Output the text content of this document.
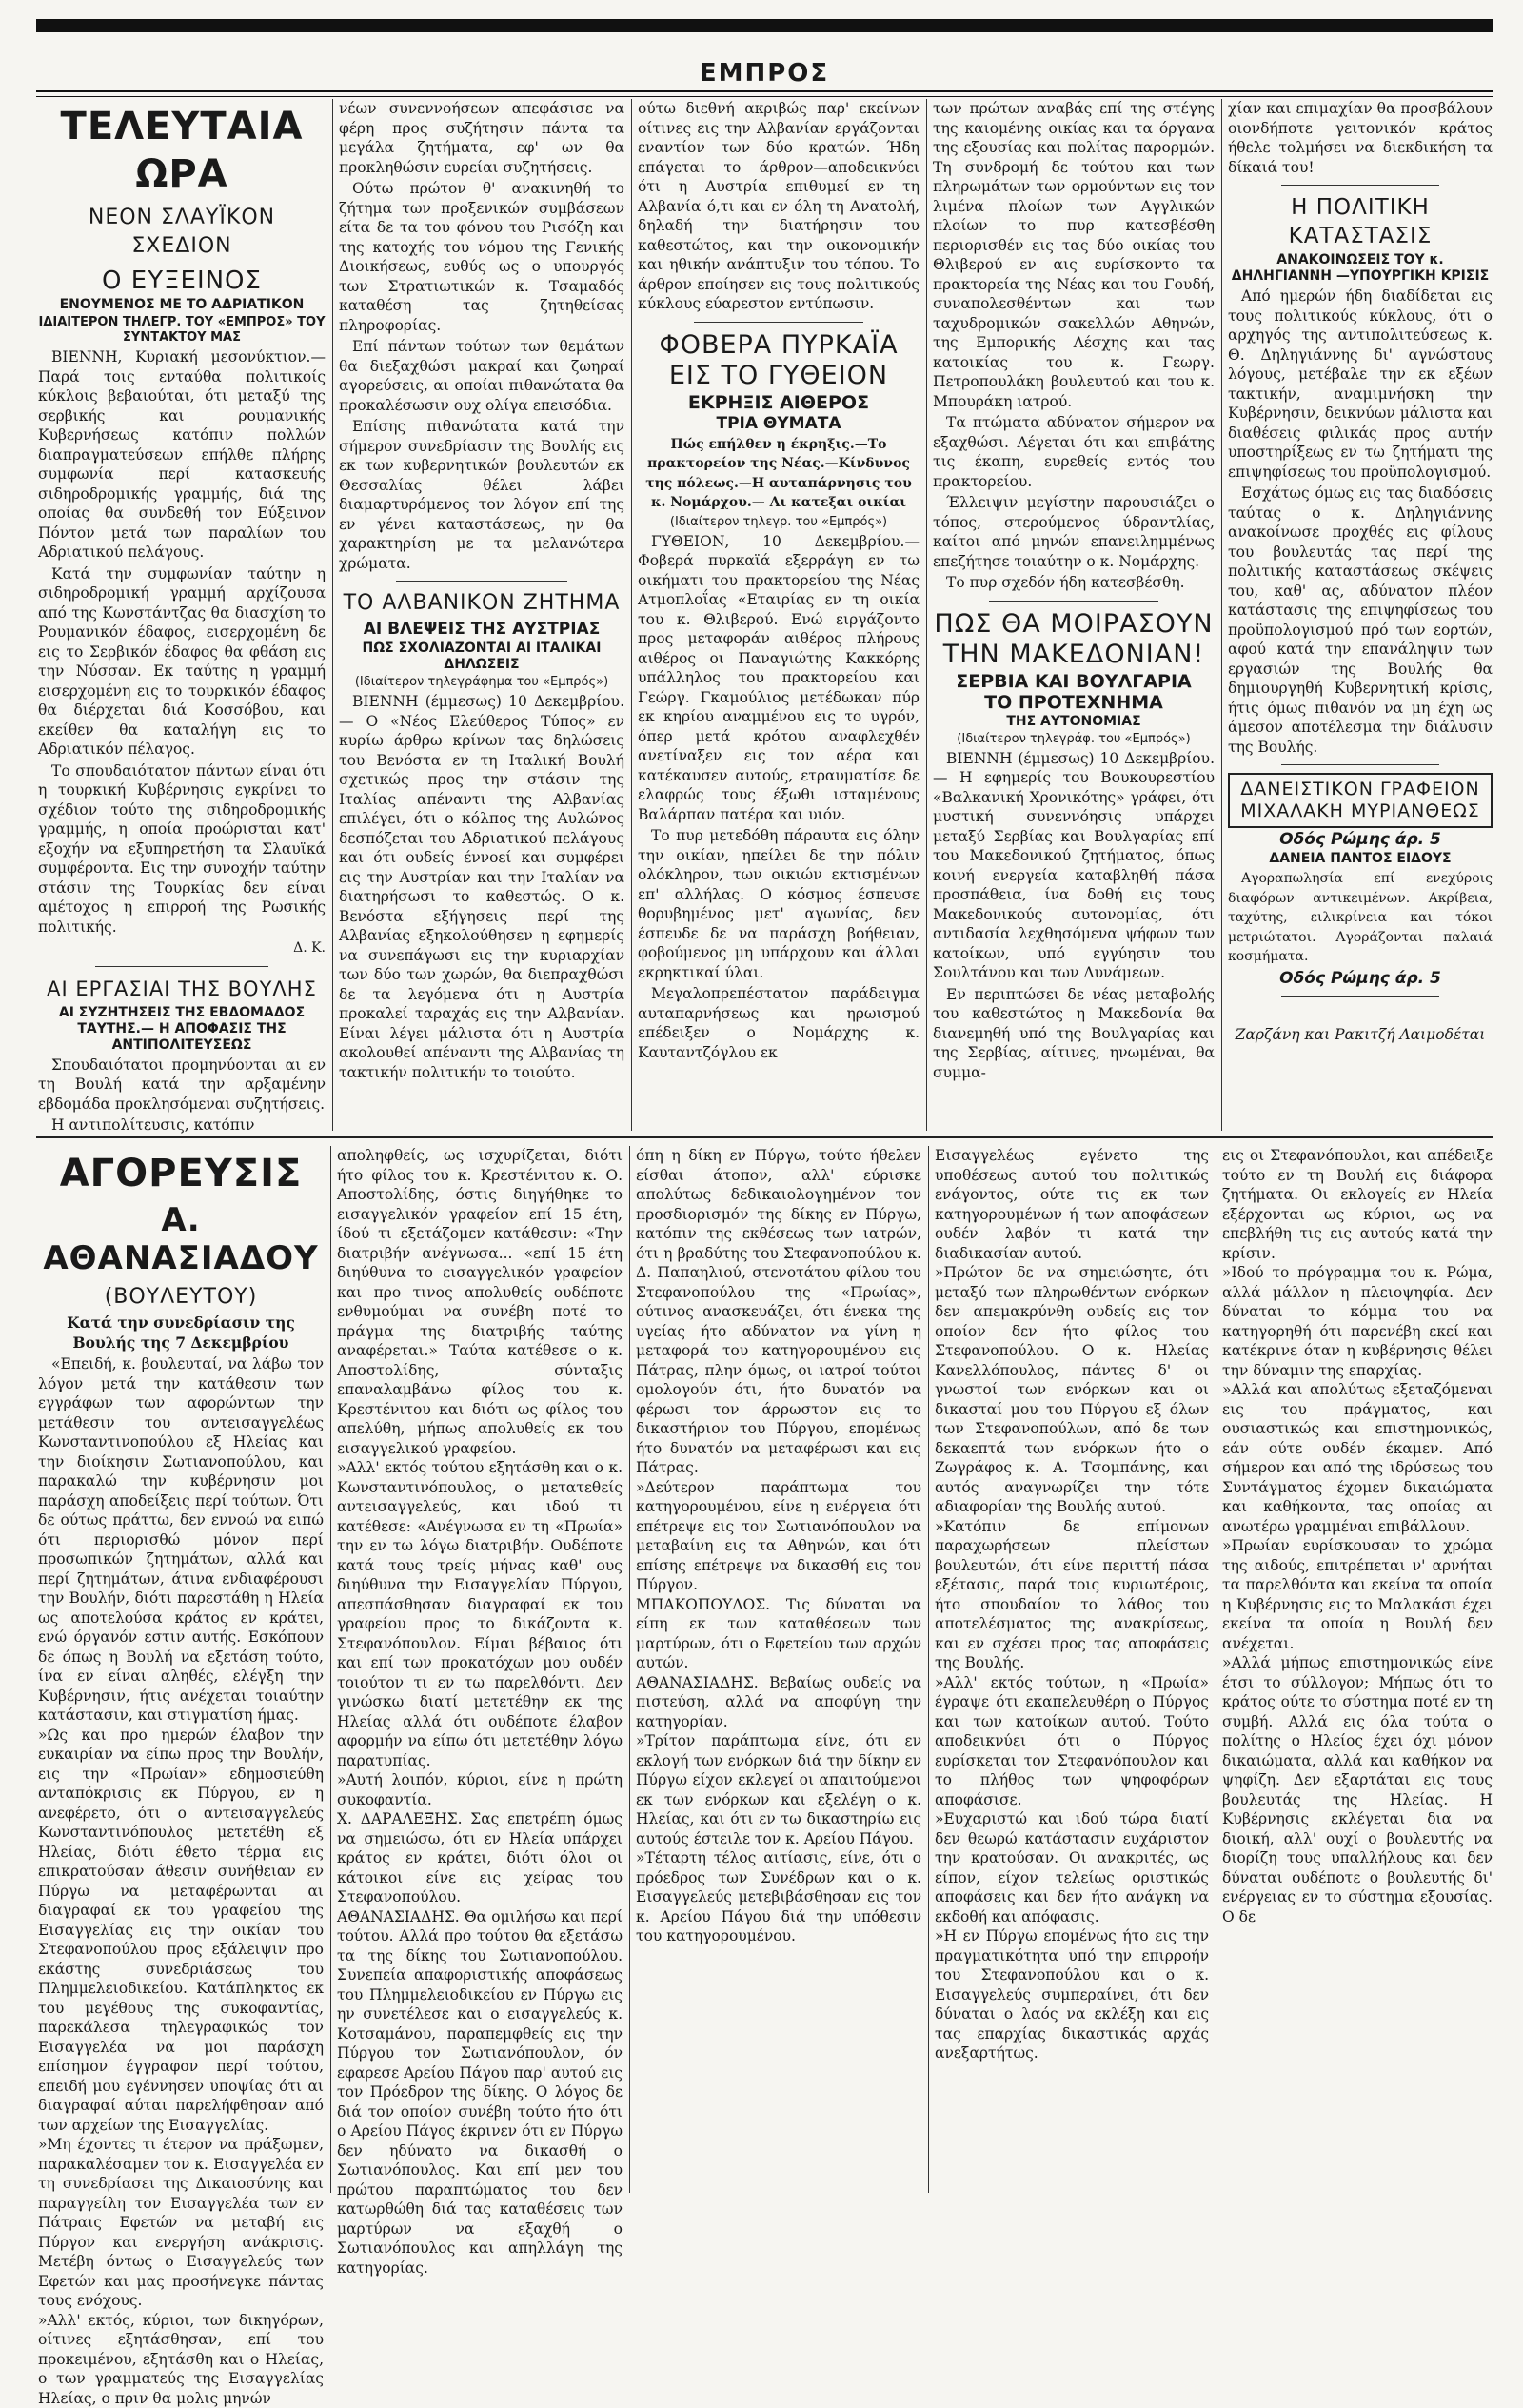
ΕΜΠΡΟΣ
ΤΕΛΕΥΤΑΙΑ ΩΡΑ
ΝΕΟΝ ΣΛΑΥΪΚΟΝ ΣΧΕΔΙΟΝ
Ο ΕΥΞΕΙΝΟΣ
ΕΝΟΥΜΕΝΟΣ ΜΕ ΤΟ ΑΔΡΙΑΤΙΚΟΝ
ΙΔΙΑΙΤΕΡΟΝ ΤΗΛΕΓΡ. ΤΟΥ «ΕΜΠΡΟΣ» ΤΟΥ ΣΥΝΤΑΚΤΟΥ ΜΑΣ

ΒΙΕΝΝΗ, Κυριακή μεσονύκτιον.—Παρά τοις ενταύθα πολιτικοίς κύκλοις βεβαιούται, ότι μεταξύ της σερβικής και ρουμανικής Κυβερνήσεως κατόπιν πολλών διαπραγματεύσεων επήλθε πλήρης συμφωνία περί κατασκευής σιδηροδρομικής γραμμής, διά της οποίας θα συνδεθή τον Εύξεινον Πόντον μετά των παραλίων του Αδριατικού πελάγους.

Κατά την συμφωνίαν ταύτην η σιδηροδρομική γραμμή αρχίζουσα από της Κωνστάντζας θα διασχίση το Ρουμανικόν έδαφος, εισερχομένη δε εις το Σερβικόν έδαφος θα φθάση εις την Νύσσαν. Εκ ταύτης η γραμμή εισερχομένη εις το τουρκικόν έδαφος θα διέρχεται διά Κοσσόβου, και εκείθεν θα καταλήγη εις το Αδριατικόν πέλαγος.

Το σπουδαιότατον πάντων είναι ότι η τουρκική Κυβέρνησις εγκρίνει το σχέδιον τούτο της σιδηροδρομικής γραμμής, η οποία προώρισται κατ' εξοχήν να εξυπηρετήση τα Σλαυϊκά συμφέροντα. Εις την συνοχήν ταύτην στάσιν της Τουρκίας δεν είναι αμέτοχος η επιρροή της Ρωσικής πολιτικής.

Δ. Κ.

ΑΙ ΕΡΓΑΣΙΑΙ ΤΗΣ ΒΟΥΛΗΣ
ΑΙ ΣΥΖΗΤΗΣΕΙΣ ΤΗΣ ΕΒΔΟΜΑΔΟΣ ΤΑΥΤΗΣ.— Η ΑΠΟΦΑΣΙΣ ΤΗΣ ΑΝΤΙΠΟΛΙΤΕΥΣΕΩΣ

Σπουδαιότατοι προμηνύονται αι εν τη Βουλή κατά την αρξαμένην εβδομάδα προκλησόμεναι συζητήσεις.

Η αντιπολίτευσις, κατόπιν

νέων συνεννοήσεων απεφάσισε να φέρη προς συζήτησιν πάντα τα μεγάλα ζητήματα, εφ' ων θα προκληθώσιν ευρείαι συζητήσεις.

Ούτω πρώτον θ' ανακινηθή το ζήτημα των προξενικών συμβάσεων είτα δε τα του φόνου του Ρισόζη και της κατοχής του νόμου της Γενικής Διοικήσεως, ευθύς ως ο υπουργός των Στρατιωτικών κ. Τσαμαδός καταθέση τας ζητηθείσας πληροφορίας.

Επί πάντων τούτων των θεμάτων θα διεξαχθώσι μακραί και ζωηραί αγορεύσεις, αι οποίαι πιθανώτατα θα προκαλέσωσιν ουχ ολίγα επεισόδια.

Επίσης πιθανώτατα κατά την σήμερον συνεδρίασιν της Βουλής εις εκ των κυβερνητικών βουλευτών εκ Θεσσαλίας θέλει λάβει διαμαρτυρόμενος τον λόγον επί της εν γένει καταστάσεως, ην θα χαρακτηρίση με τα μελανώτερα χρώματα.

ΤΟ ΑΛΒΑΝΙΚΟΝ ΖΗΤΗΜΑ
ΑΙ ΒΛΕΨΕΙΣ ΤΗΣ ΑΥΣΤΡΙΑΣ
ΠΩΣ ΣΧΟΛΙΑΖΟΝΤΑΙ ΑΙ ΙΤΑΛΙΚΑΙ ΔΗΛΩΣΕΙΣ
(Ιδιαίτερον τηλεγράφημα του «Εμπρός»)

ΒΙΕΝΝΗ (έμμεσως) 10 Δεκεμβρίου.— Ο «Νέος Ελεύθερος Τύπος» εν κυρίω άρθρω κρίνων τας δηλώσεις του Βενόστα εν τη Ιταλική Βουλή σχετικώς προς την στάσιν της Ιταλίας απέναντι της Αλβανίας επιλέγει, ότι ο κόλπος της Αυλώνος δεσπόζεται του Αδριατικού πελάγους και ότι ουδείς έννοεί και συμφέρει εις την Αυστρίαν και την Ιταλίαν να διατηρήσωσι το καθεστώς. Ο κ. Βενόστα εξήγησεις περί της Αλβανίας εξηκολούθησεν η εφημερίς να συνεπάγωσι εις την κυριαρχίαν των δύο των χωρών, θα διεπραχθώσι δε τα λεγόμενα ότι η Αυστρία προκαλεί ταραχάς εις την Αλβανίαν. Είναι λέγει μάλιστα ότι η Αυστρία ακολουθεί απέναντι της Αλβανίας τη τακτικήν πολιτικήν το τοιούτο.

ούτω διεθνή ακριβώς παρ' εκείνων οίτινες εις την Αλβανίαν εργάζονται εναντίον των δύο κρατών. Ήδη επάγεται το άρθρον—αποδεικνύει ότι η Αυστρία επιθυμεί εν τη Αλβανία ό,τι και εν όλη τη Ανατολή, δηλαδή την διατήρησιν του καθεστώτος, και την οικονομικήν και ηθικήν ανάπτυξιν του τόπου. Το άρθρον εποίησεν εις τους πολιτικούς κύκλους εύαρεστον εντύπωσιν.

ΦΟΒΕΡΑ ΠΥΡΚΑΪΑ ΕΙΣ ΤΟ ΓΥΘΕΙΟΝ
ΕΚΡΗΞΙΣ ΑΙΘΕΡΟΣ
ΤΡΙΑ ΘΥΜΑΤΑ

Πώς επήλθεν η έκρηξις.—Το πρακτορείον της Νέας.—Κίνδυνος της πόλεως.—Η αυταπάρνησις του κ. Νομάρχου.— Αι κατεξαι οικίαι

(Ιδιαίτερον τηλεγρ. του «Εμπρός»)

ΓΥΘΕΙΟΝ, 10 Δεκεμβρίου.— Φοβερά πυρκαϊά εξερράγη εν τω οικήματι του πρακτορείου της Νέας Ατμοπλοΐας «Εταιρίας εν τη οικία του κ. Θλιβερού. Ενώ ειργάζοντο προς μεταφοράν αιθέρος πλήρους αιθέρος οι Παναγιώτης Κακκόρης υπάλληλος του πρακτορείου και Γεώργ. Γκαμούλιος μετέδωκαν πύρ εκ κηρίου αναμμένου εις το υγρόν, όπερ μετά κρότου αναφλεχθέν ανετίναξεν εις τον αέρα και κατέκαυσεν αυτούς, ετραυματίσε δε ελαφρώς τους έξωθι ισταμένους Βαλάρπαν πατέρα και υιόν.

Το πυρ μετεδόθη πάραυτα εις όλην την οικίαν, ηπείλει δε την πόλιν ολόκληρον, των οικιών εκτισμένων επ' αλλήλας. Ο κόσμος έσπευσε θορυβημένος μετ' αγωνίας, δεν έσπευδε δε να παράσχη βοήθειαν, φοβούμενος μη υπάρχουν και άλλαι εκρηκτικαί ύλαι.

Μεγαλοπρεπέστατον παράδειγμα αυταπαρνήσεως και ηρωισμού επέδειξεν ο Νομάρχης κ. Καυταντζόγλου εκ

των πρώτων αναβάς επί της στέγης της καιομένης οικίας και τα όργανα της εξουσίας και πολίτας παρορμών. Τη συνδρομή δε τούτου και των πληρωμάτων των ορμούντων εις τον λιμένα πλοίων των Αγγλικών πλοίων το πυρ κατεσβέσθη περιορισθέν εις τας δύο οικίας του Θλιβερού εν αις ευρίσκοντο τα πρακτορεία της Νέας και του Γουδή, συναπολεσθέντων και των ταχυδρομικών σακελλών Αθηνών, της Εμπορικής Λέσχης και τας κατοικίας του κ. Γεωργ. Πετροπουλάκη βουλευτού και του κ. Μπουράκη ιατρού.

Τα πτώματα αδύνατον σήμερον να εξαχθώσι. Λέγεται ότι και επιβάτης τις έκαπη, ευρεθείς εντός του πρακτορείου.

Έλλειψιν μεγίστην παρουσιάζει ο τόπος, στερούμενος ύδραντλίας, καίτοι από μηνών επανειλημμένως επεζήτησε τοιαύτην ο κ. Νομάρχης.

Το πυρ σχεδόν ήδη κατεσβέσθη.

ΠΩΣ ΘΑ ΜΟΙΡΑΣΟΥΝ ΤΗΝ ΜΑΚΕΔΟΝΙΑΝ!
ΣΕΡΒΙΑ ΚΑΙ ΒΟΥΛΓΑΡΙΑ
ΤΟ ΠΡΟΤΕΧΝΗΜΑ
ΤΗΣ ΑΥΤΟΝΟΜΙΑΣ
(Ιδιαίτερον τηλεγράφ. του «Εμπρός»)

ΒΙΕΝΝΗ (έμμεσως) 10 Δεκεμβρίου.— Η εφημερίς του Βουκουρεστίου «Βαλκανική Χρονικότης» γράφει, ότι μυστική συνεννόησις υπάρχει μεταξύ Σερβίας και Βουλγαρίας επί του Μακεδονικού ζητήματος, όπως κοινή ενεργεία καταβληθή πάσα προσπάθεια, ίνα δοθή εις τους Μακεδονικούς αυτονομίας, ότι αντιδασία λεχθησόμενα ψήφων των κατοίκων, υπό εγγύησιν του Σουλτάνου και των Δυνάμεων.

Εν περιπτώσει δε νέας μεταβολής του καθεστώτος η Μακεδονία θα διανεμηθή υπό της Βουλγαρίας και της Σερβίας, αίτινες, ηνωμέναι, θα συμμα-

χίαν και επιμαχίαν θα προσβάλουν οιονδήποτε γειτονικόν κράτος ήθελε τολμήσει να διεκδικήση τα δίκαιά του!

Η ΠΟΛΙΤΙΚΗ ΚΑΤΑΣΤΑΣΙΣ
ΑΝΑΚΟΙΝΩΣΕΙΣ ΤΟΥ κ. ΔΗΛΗΓΙΑΝΝΗ —ΥΠΟΥΡΓΙΚΗ ΚΡΙΣΙΣ

Από ημερών ήδη διαδίδεται εις τους πολιτικούς κύκλους, ότι ο αρχηγός της αντιπολιτεύσεως κ. Θ. Δηληγιάννης δι' αγνώστους λόγους, μετέβαλε την εκ εξέων τακτικήν, αναμιμνήσκη την Κυβέρνησιν, δεικνύων μάλιστα και διαθέσεις φιλικάς προς αυτήν υποστηρίξεως εν τω ζητήματι της επιψηφίσεως του προϋπολογισμού.

Εσχάτως όμως εις τας διαδόσεις ταύτας ο κ. Δηληγιάννης ανακοίνωσε προχθές εις φίλους του βουλευτάς τας περί της πολιτικής καταστάσεως σκέψεις του, καθ' ας, αδύνατον πλέον κατάστασις της επιψηφίσεως του προϋπολογισμού πρό των εορτών, αφού κατά την επανάληψιν των εργασιών της Βουλής θα δημιουργηθή Κυβερνητική κρίσις, ήτις όμως πιθανόν να μη έχη ως άμεσον αποτέλεσμα την διάλυσιν της Βουλής.

ΔΑΝΕΙΣΤΙΚΟΝ ΓΡΑΦΕΙΟΝ ΜΙΧΑΛΑΚΗ ΜΥΡΙΑΝΘΕΩΣ
Οδός Ρώμης άρ. 5
ΔΑΝΕΙΑ ΠΑΝΤΟΣ ΕΙΔΟΥΣ

Αγοραπωλησία επί ενεχύροις διαφόρων αντικειμένων. Ακρίβεια, ταχύτης, ειλικρίνεια και τόκοι μετριώτατοι. Αγοράζονται παλαιά κοσμήματα.

Οδός Ρώμης άρ. 5

Ζαρζάνη και Ρακιτζή Λαιμοδέται

ΑΓΟΡΕΥΣΙΣ
Α. ΑΘΑΝΑΣΙΑΔΟΥ
(ΒΟΥΛΕΥΤΟΥ)

Κατά την συνεδρίασιν της Βουλής της 7 Δεκεμβρίου

«Επειδή, κ. βουλευταί, να λάβω τον λόγον μετά την κατάθεσιν των εγγράφων των αφορώντων την μετάθεσιν του αντεισαγγελέως Κωνσταντινοπούλου εξ Ηλείας και την διοίκησιν Σωτιανοπούλου, και παρακαλώ την κυβέρνησιν μοι παράσχη αποδείξεις περί τούτων. Ότι δε ούτως πράττω, δεν εννοώ να ειπώ ότι περιορισθώ μόνον περί προσωπικών ζητημάτων, αλλά και περί ζητημάτων, άτινα ενδιαφέρουσι την Βουλήν, διότι παρεστάθη η Ηλεία ως αποτελούσα κράτος εν κράτει, ενώ όργανόν εστιν αυτής. Εσκόπουν δε όπως η Βουλή να εξετάση τούτο, ίνα εν είναι αληθές, ελέγξη την Κυβέρνησιν, ήτις ανέχεται τοιαύτην κατάστασιν, και στιγματίση ήμας.
»Ως και προ ημερών έλαβον την ευκαιρίαν να είπω προς την Βουλήν, εις την «Πρωίαν» εδημοσιεύθη ανταπόκρισις εκ Πύργου, εν η ανεφέρετο, ότι ο αντεισαγγελεύς Κωνσταντινόπουλος μετετέθη εξ Ηλείας, διότι έθετο τέρμα εις επικρατούσαν άθεσιν συνήθειαν εν Πύργω να μεταφέρωνται αι διαγραφαί εκ του γραφείου της Εισαγγελίας εις την οικίαν του Στεφανοπούλου προς εξάλειψιν προ εκάστης συνεδριάσεως του Πλημμελειοδικείου. Κατάπληκτος εκ του μεγέθους της συκοφαντίας, παρεκάλεσα τηλεγραφικώς τον Εισαγγελέα να μοι παράσχη επίσημον έγγραφον περί τούτου, επειδή μου εγέννησεν υποψίας ότι αι διαγραφαί αύται παρελήφθησαν από των αρχείων της Εισαγγελίας.
»Μη έχοντες τι έτερον να πράξωμεν, παρακαλέσαμεν τον κ. Εισαγγελέα εν τη συνεδρίασει της Δικαιοσύνης και παραγγείλη τον Εισαγγελέα των εν Πάτραις Εφετών να μεταβή εις Πύργον και ενεργήση ανάκρισις. Μετέβη όντως ο Εισαγγελεύς των Εφετών και μας προσήνεγκε πάντας τους ενόχους.
»Αλλ' εκτός, κύριοι, των δικηγόρων, οίτινες εξητάσθησαν, επί του προκειμένου, εξητάσθη και ο Ηλείας, ο των γραμματεύς της Εισαγγελίας Ηλείας, ο πριν θα μολις μηνών

αποληφθείς, ως ισχυρίζεται, διότι ήτο φίλος του κ. Κρεστένιτου κ. Ο. Αποστολίδης, όστις διηγήθηκε το εισαγγελικόν γραφείον επί 15 έτη, ίδού τι εξετάζομεν κατάθεσιν: «Την διατριβήν ανέγνωσα... «επί 15 έτη διηύθυνα το εισαγγελικόν γραφείον και προ τινος απολυθείς ουδέποτε ενθυμούμαι να συνέβη ποτέ το πράγμα της διατριβής ταύτης αναφέρεται.» Ταύτα κατέθεσε ο κ. Αποστολίδης, σύνταξις επαναλαμβάνω φίλος του κ. Κρεστένιτου και διότι ως φίλος του απελύθη, μήπως απολυθείς εκ του εισαγγελικού γραφείου.
»Αλλ' εκτός τούτου εξητάσθη και ο κ. Κωνσταντινόπουλος, ο μετατεθείς αντεισαγγελεύς, και ιδού τι κατέθεσε: «Ανέγνωσα εν τη «Πρωία» την εν τω λόγω διατριβήν. Ουδέποτε κατά τους τρείς μήνας καθ' ους διηύθυνα την Εισαγγελίαν Πύργου, απεσπάσθησαν διαγραφαί εκ του γραφείου προς το δικάζοντα κ. Στεφανόπουλον. Είμαι βέβαιος ότι και επί των προκατόχων μου ουδέν τοιούτον τι εν τω παρελθόντι. Δεν γινώσκω διατί μετετέθην εκ της Ηλείας αλλά ότι ουδέποτε έλαβον αφορμήν να είπω ότι μετετέθην λόγω παρατυπίας.
»Αυτή λοιπόν, κύριοι, είνε η πρώτη συκοφαντία.
Χ. ΔΑΡΑΛΕΞΗΣ. Σας επετρέπη όμως να σημειώσω, ότι εν Ηλεία υπάρχει κράτος εν κράτει, διότι όλοι οι κάτοικοι είνε εις χείρας του Στεφανοπούλου.
ΑΘΑΝΑΣΙΑΔΗΣ. Θα ομιλήσω και περί τούτου. Αλλά προ τούτου θα εξετάσω τα της δίκης του Σωτιανοπούλου. Συνεπεία απαφοριστικής αποφάσεως του Πλημμελειοδικείου εν Πύργω εις ην συνετέλεσε και ο εισαγγελεύς κ. Κοτσαμάνου, παραπεμφθείς εις την Πύργου τον Σωτιανόπουλον, όν εφαρεσε Αρείου Πάγου παρ' αυτού εις τον Πρόεδρον της δίκης. Ο λόγος δε διά τον οποίον συνέβη τούτο ήτο ότι ο Αρείου Πάγος έκρινεν ότι εν Πύργω δεν ηδύνατο να δικασθή ο Σωτιανόπουλος. Και επί μεν του πρώτου παραπτώματος του δεν κατωρθώθη διά τας καταθέσεις των μαρτύρων να εξαχθή ο Σωτιανόπουλος και απηλλάγη της κατηγορίας.

όπη η δίκη εν Πύργω, τούτο ήθελεν είσθαι άτοπον, αλλ' εύρισκε απολύτως δεδικαιολογημένον τον προσδιορισμόν της δίκης εν Πύργω, κατόπιν της εκθέσεως των ιατρών, ότι η βραδύτης του Στεφανοπούλου κ. Δ. Παπαηλιού, στενοτάτου φίλου του Στεφανοπούλου της «Πρωίας», ούτινος ανασκευάζει, ότι ένεκα της υγείας ήτο αδύνατον να γίνη η μεταφορά του κατηγορουμένου εις Πάτρας, πλην όμως, οι ιατροί τούτοι ομολογούν ότι, ήτο δυνατόν να φέρωσι τον άρρωστον εις το δικαστήριον του Πύργου, επομένως ήτο δυνατόν να μεταφέρωσι και εις Πάτρας.
»Δεύτερον παράπτωμα του κατηγορουμένου, είνε η ενέργεια ότι επέτρεψε εις τον Σωτιανόπουλον να μεταβαίνη εις τα Αθηνών, και ότι επίσης επέτρεψε να δικασθή εις τον Πύργον.
ΜΠΑΚΟΠΟΥΛΟΣ. Τις δύναται να είπη εκ των καταθέσεων των μαρτύρων, ότι ο Εφετείου των αρχών αυτών.
ΑΘΑΝΑΣΙΑΔΗΣ. Βεβαίως ουδείς να πιστεύση, αλλά να αποφύγη την κατηγορίαν.
»Τρίτον παράπτωμα είνε, ότι εν εκλογή των ενόρκων διά την δίκην εν Πύργω είχον εκλεγεί οι απαιτούμενοι εκ των ενόρκων και εξελέγη ο κ. Ηλείας, και ότι εν τω δικαστηρίω εις αυτούς έστειλε τον κ. Αρείου Πάγου.
»Τέταρτη τέλος αιτίασις, είνε, ότι ο πρόεδρος των Συνέδρων και ο κ. Εισαγγελεύς μετεβιβάσθησαν εις τον κ. Αρείου Πάγου διά την υπόθεσιν του κατηγορουμένου.

Εισαγγελέως εγένετο της υποθέσεως αυτού του πολιτικώς ενάγοντος, ούτε τις εκ των κατηγορουμένων ή των αποφάσεων ουδέν λαβόν τι κατά την διαδικασίαν αυτού.
»Πρώτον δε να σημειώσητε, ότι μεταξύ των πληρωθέντων ενόρκων δεν απεμακρύνθη ουδείς εις τον οποίον δεν ήτο φίλος του Στεφανοπούλου. Ο κ. Ηλείας Κανελλόπουλος, πάντες δ' οι γνωστοί των ενόρκων και οι δικασταί μου του Πύργου εξ όλων των Στεφανοπούλων, από δε των δεκαεπτά των ενόρκων ήτο ο Ζωγράφος κ. Α. Τσομπάνης, και αυτός αναγνωρίζει την τότε αδιαφορίαν της Βουλής αυτού.
»Κατόπιν δε επίμονων παραχωρήσεων πλείστων βουλευτών, ότι είνε περιττή πάσα εξέτασις, παρά τοις κυριωτέροις, ήτο σπουδαίον το λάθος του αποτελέσματος της ανακρίσεως, και εν σχέσει προς τας αποφάσεις της Βουλής.
»Αλλ' εκτός τούτων, η «Πρωία» έγραψε ότι εκαπελευθέρη ο Πύργος και των κατοίκων αυτού. Τούτο αποδεικνύει ότι ο Πύργος ευρίσκεται τον Στεφανόπουλον και το πλήθος των ψηφοφόρων αποφάσισε.
»Ευχαριστώ και ιδού τώρα διατί δεν θεωρώ κατάστασιν ευχάριστον την κρατούσαν. Οι ανακριτές, ως είπον, είχον τελείως οριστικώς αποφάσεις και δεν ήτο ανάγκη να εκδοθή και απόφασις.
»Η εν Πύργω επομένως ήτο εις την πραγματικότητα υπό την επιρροήν του Στεφανοπούλου και ο κ. Εισαγγελεύς συμπεραίνει, ότι δεν δύναται ο λαός να εκλέξη και εις τας επαρχίας δικαστικάς αρχάς ανεξαρτήτως.

εις οι Στεφανόπουλοι, και απέδειξε τούτο εν τη Βουλή εις διάφορα ζητήματα. Οι εκλογείς εν Ηλεία εξέρχονται ως κύριοι, ως να επεβλήθη τις εις αυτούς κατά την κρίσιν.
»Ιδού το πρόγραμμα του κ. Ρώμα, αλλά μάλλον η πλειοψηφία. Δεν δύναται το κόμμα του να κατηγορηθή ότι παρενέβη εκεί και κατέκρινε όταν η κυβέρνησις θέλει την δύναμιν της επαρχίας.
»Αλλά και απολύτως εξεταζόμεναι εις του πράγματος, και ουσιαστικώς και επιστημονικώς, εάν ούτε ουδέν έκαμεν. Από σήμερον και από της ιδρύσεως του Συντάγματος έχομεν δικαιώματα και καθήκοντα, τας οποίας αι ανωτέρω γραμμέναι επιβάλλουν.
»Πρωίαν ευρίσκουσαν το χρώμα της αιδούς, επιτρέπεται ν' αρνήται τα παρελθόντα και εκείνα τα οποία η Κυβέρνησις εις το Μαλακάσι έχει εκείνα τα οποία η Βουλή δεν ανέχεται.
»Αλλά μήπως επιστημονικώς είνε έτσι το σύλλογον; Μήπως ότι το κράτος ούτε το σύστημα ποτέ εν τη συμβή. Αλλά εις όλα τούτα ο πολίτης ο Ηλείος έχει όχι μόνον δικαιώματα, αλλά και καθήκον να ψηφίζη. Δεν εξαρτάται εις τους βουλευτάς της Ηλείας. Η Κυβέρνησις εκλέγεται δια να διοική, αλλ' ουχί ο βουλευτής να διορίζη τους υπαλλήλους και δεν δύναται ουδέποτε ο βουλευτής δι' ενέργειας εν το σύστημα εξουσίας. Ο δε
